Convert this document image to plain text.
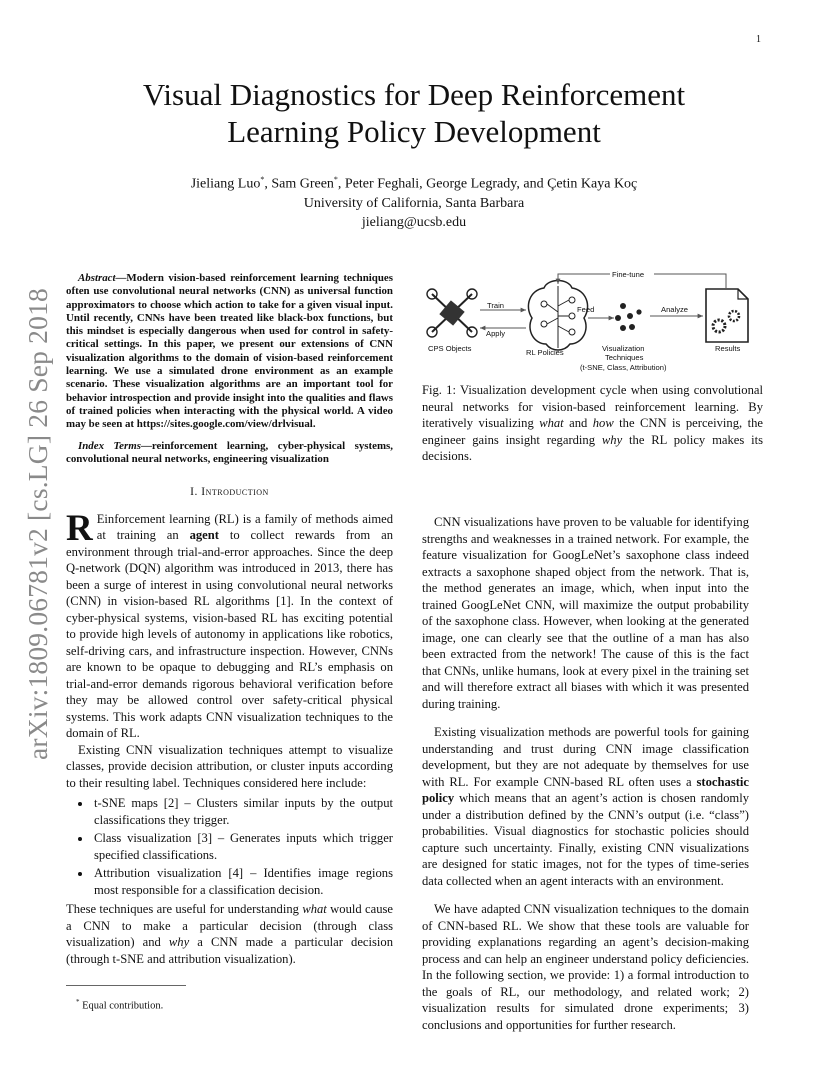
1
arXiv:1809.06781v2 [cs.LG] 26 Sep 2018
Visual Diagnostics for Deep Reinforcement
Learning Policy Development
Jieliang Luo*, Sam Green*, Peter Feghali, George Legrady, and Çetin Kaya Koç
University of California, Santa Barbara
jieliang@ucsb.edu

Abstract—Modern vision-based reinforcement learning techniques often use convolutional neural networks (CNN) as universal function approximators to choose which action to take for a given visual input. Until recently, CNNs have been treated like black-box functions, but this mindset is especially dangerous when used for control in safety-critical settings. In this paper, we present our extensions of CNN visualization algorithms to the domain of vision-based reinforcement learning. We use a simulated drone environment as an example scenario. These visualization algorithms are an important tool for behavior introspection and provide insight into the qualities and flaws of trained policies when interacting with the physical world. A video may be seen at https://sites.google.com/view/drlvisual.

Index Terms—reinforcement learning, cyber-physical systems, convolutional neural networks, engineering visualization

I. Introduction

R Einforcement learning (RL) is a family of methods aimed at training an agent to collect rewards from an environment through trial-and-error approaches. Since the deep Q-network (DQN) algorithm was introduced in 2013, there has been a surge of interest in using convolutional neural networks (CNN) in vision-based RL algorithms [1]. In the context of cyber-physical systems, vision-based RL has exciting potential to provide high levels of autonomy in applications like robotics, self-driving cars, and infrastructure inspection. However, CNNs are known to be opaque to debugging and RL’s emphasis on trial-and-error demands rigorous behavioral verification before they may be allowed control over safety-critical physical systems. This work adapts CNN visualization techniques to the domain of RL.

Existing CNN visualization techniques attempt to visualize classes, provide decision attribution, or cluster inputs according to their resulting label. Techniques considered here include:

• t-SNE maps [2] – Clusters similar inputs by the output classifications they trigger.
• Class visualization [3] – Generates inputs which trigger specified classifications.
• Attribution visualization [4] – Identifies image regions most responsible for a classification decision.

These techniques are useful for understanding what would cause a CNN to make a particular decision (through class visualization) and why a CNN made a particular decision (through t-SNE and attribution visualization).

* Equal contribution.
CPS Objects
Train
Apply
RL Policies
Feed
Visualization
Techniques
(t-SNE, Class, Attribution)
Analyze
Results
Fine-tune
Fig. 1: Visualization development cycle when using convolutional neural networks for vision-based reinforcement learning. By iteratively visualizing what and how the CNN is perceiving, the engineer gains insight regarding why the RL policy makes its decisions.

CNN visualizations have proven to be valuable for identifying strengths and weaknesses in a trained network. For example, the feature visualization for GoogLeNet’s saxophone class indeed extracts a saxophone shaped object from the network. That is, the method generates an image, which, when input into the trained GoogLeNet CNN, will maximize the output probability of the saxophone class. However, when looking at the generated image, one can clearly see that the outline of a man has also been extracted from the network! The cause of this is the fact that CNNs, unlike humans, look at every pixel in the training set and will therefore extract all biases with which it was presented during training.

Existing visualization methods are powerful tools for gaining understanding and trust during CNN image classification development, but they are not adequate by themselves for use with RL. For example CNN-based RL often uses a stochastic policy which means that an agent’s action is chosen randomly under a distribution defined by the CNN’s output (i.e. “class”) probabilities. Visual diagnostics for stochastic policies should capture such uncertainty. Finally, existing CNN visualizations are designed for static images, not for the types of time-series data collected when an agent interacts with an environment.

We have adapted CNN visualization techniques to the domain of CNN-based RL. We show that these tools are valuable for providing explanations regarding an agent’s decision-making process and can help an engineer understand policy deficiencies. In the following section, we provide: 1) a formal introduction to the goals of RL, our methodology, and related work; 2) visualization results for simulated drone experiments; 3) conclusions and opportunities for further research.
